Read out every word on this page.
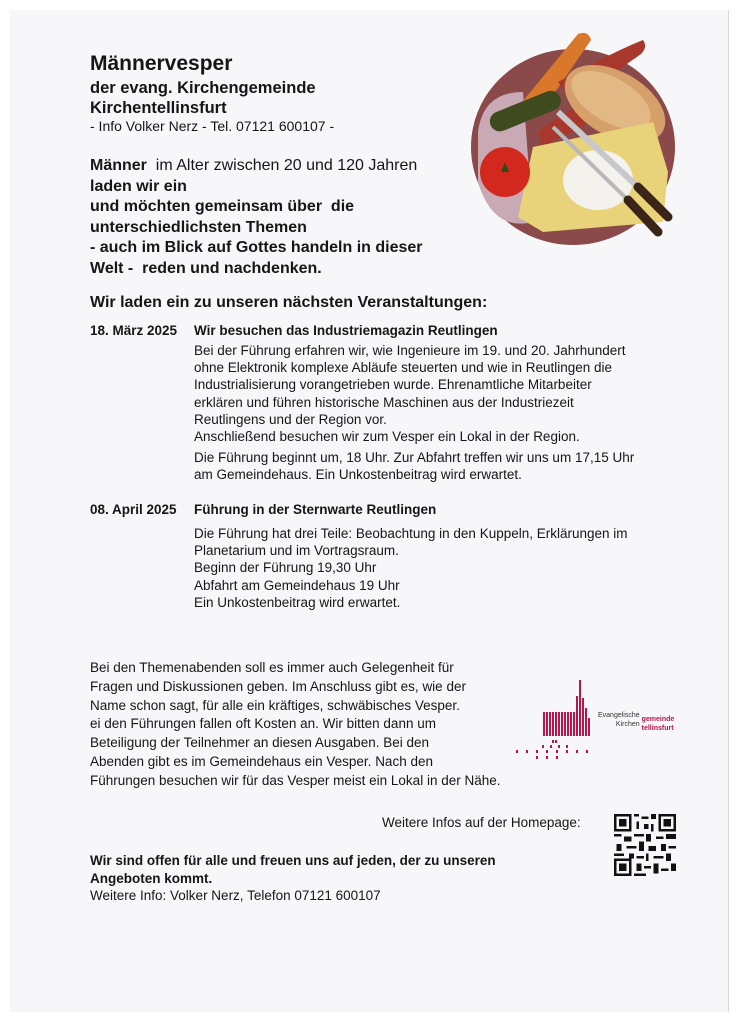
Männervesper
der evang. Kirchengemeinde
Kirchentellinsfurt
- Info Volker Nerz - Tel. 07121 600107 -
Männer  im Alter zwischen 20 und 120 Jahren
laden wir ein
und möchten gemeinsam über  die
unterschiedlichsten Themen
- auch im Blick auf Gottes handeln in dieser
Welt -  reden und nachdenken.
Wir laden ein zu unseren nächsten Veranstaltungen:
18. März 2025 Wir besuchen das Industriemagazin Reutlingen
Bei der Führung erfahren wir, wie Ingenieure im 19. und 20. Jahrhundert
ohne Elektronik komplexe Abläufe steuerten und wie in Reutlingen die
Industrialisierung vorangetrieben wurde. Ehrenamtliche Mitarbeiter
erklären und führen historische Maschinen aus der Industriezeit
Reutlingens und der Region vor.
Anschließend besuchen wir zum Vesper ein Lokal in der Region.
Die Führung beginnt um, 18 Uhr. Zur Abfahrt treffen wir uns um 17,15 Uhr
am Gemeindehaus. Ein Unkostenbeitrag wird erwartet.
08. April 2025 Führung in der Sternwarte Reutlingen
Die Führung hat drei Teile: Beobachtung in den Kuppeln, Erklärungen im
Planetarium und im Vortragsraum.
Beginn der Führung 19,30 Uhr
Abfahrt am Gemeindehaus 19 Uhr
Ein Unkostenbeitrag wird erwartet.
Bei den Themenabenden soll es immer auch Gelegenheit für
Fragen und Diskussionen geben. Im Anschluss gibt es, wie der
Name schon sagt, für alle ein kräftiges, schwäbisches Vesper.
ei den Führungen fallen oft Kosten an. Wir bitten dann um
Beteiligung der Teilnehmer an diesen Ausgaben. Bei den
Abenden gibt es im Gemeindehaus ein Vesper. Nach den
Führungen besuchen wir für das Vesper meist ein Lokal in der Nähe.
Evangelische
Kirchen
gemeinde
tellinsfurt
Weitere Infos auf der Homepage:
Wir sind offen für alle und freuen uns auf jeden, der zu unseren
Angeboten kommt.
Weitere Info: Volker Nerz, Telefon 07121 600107
